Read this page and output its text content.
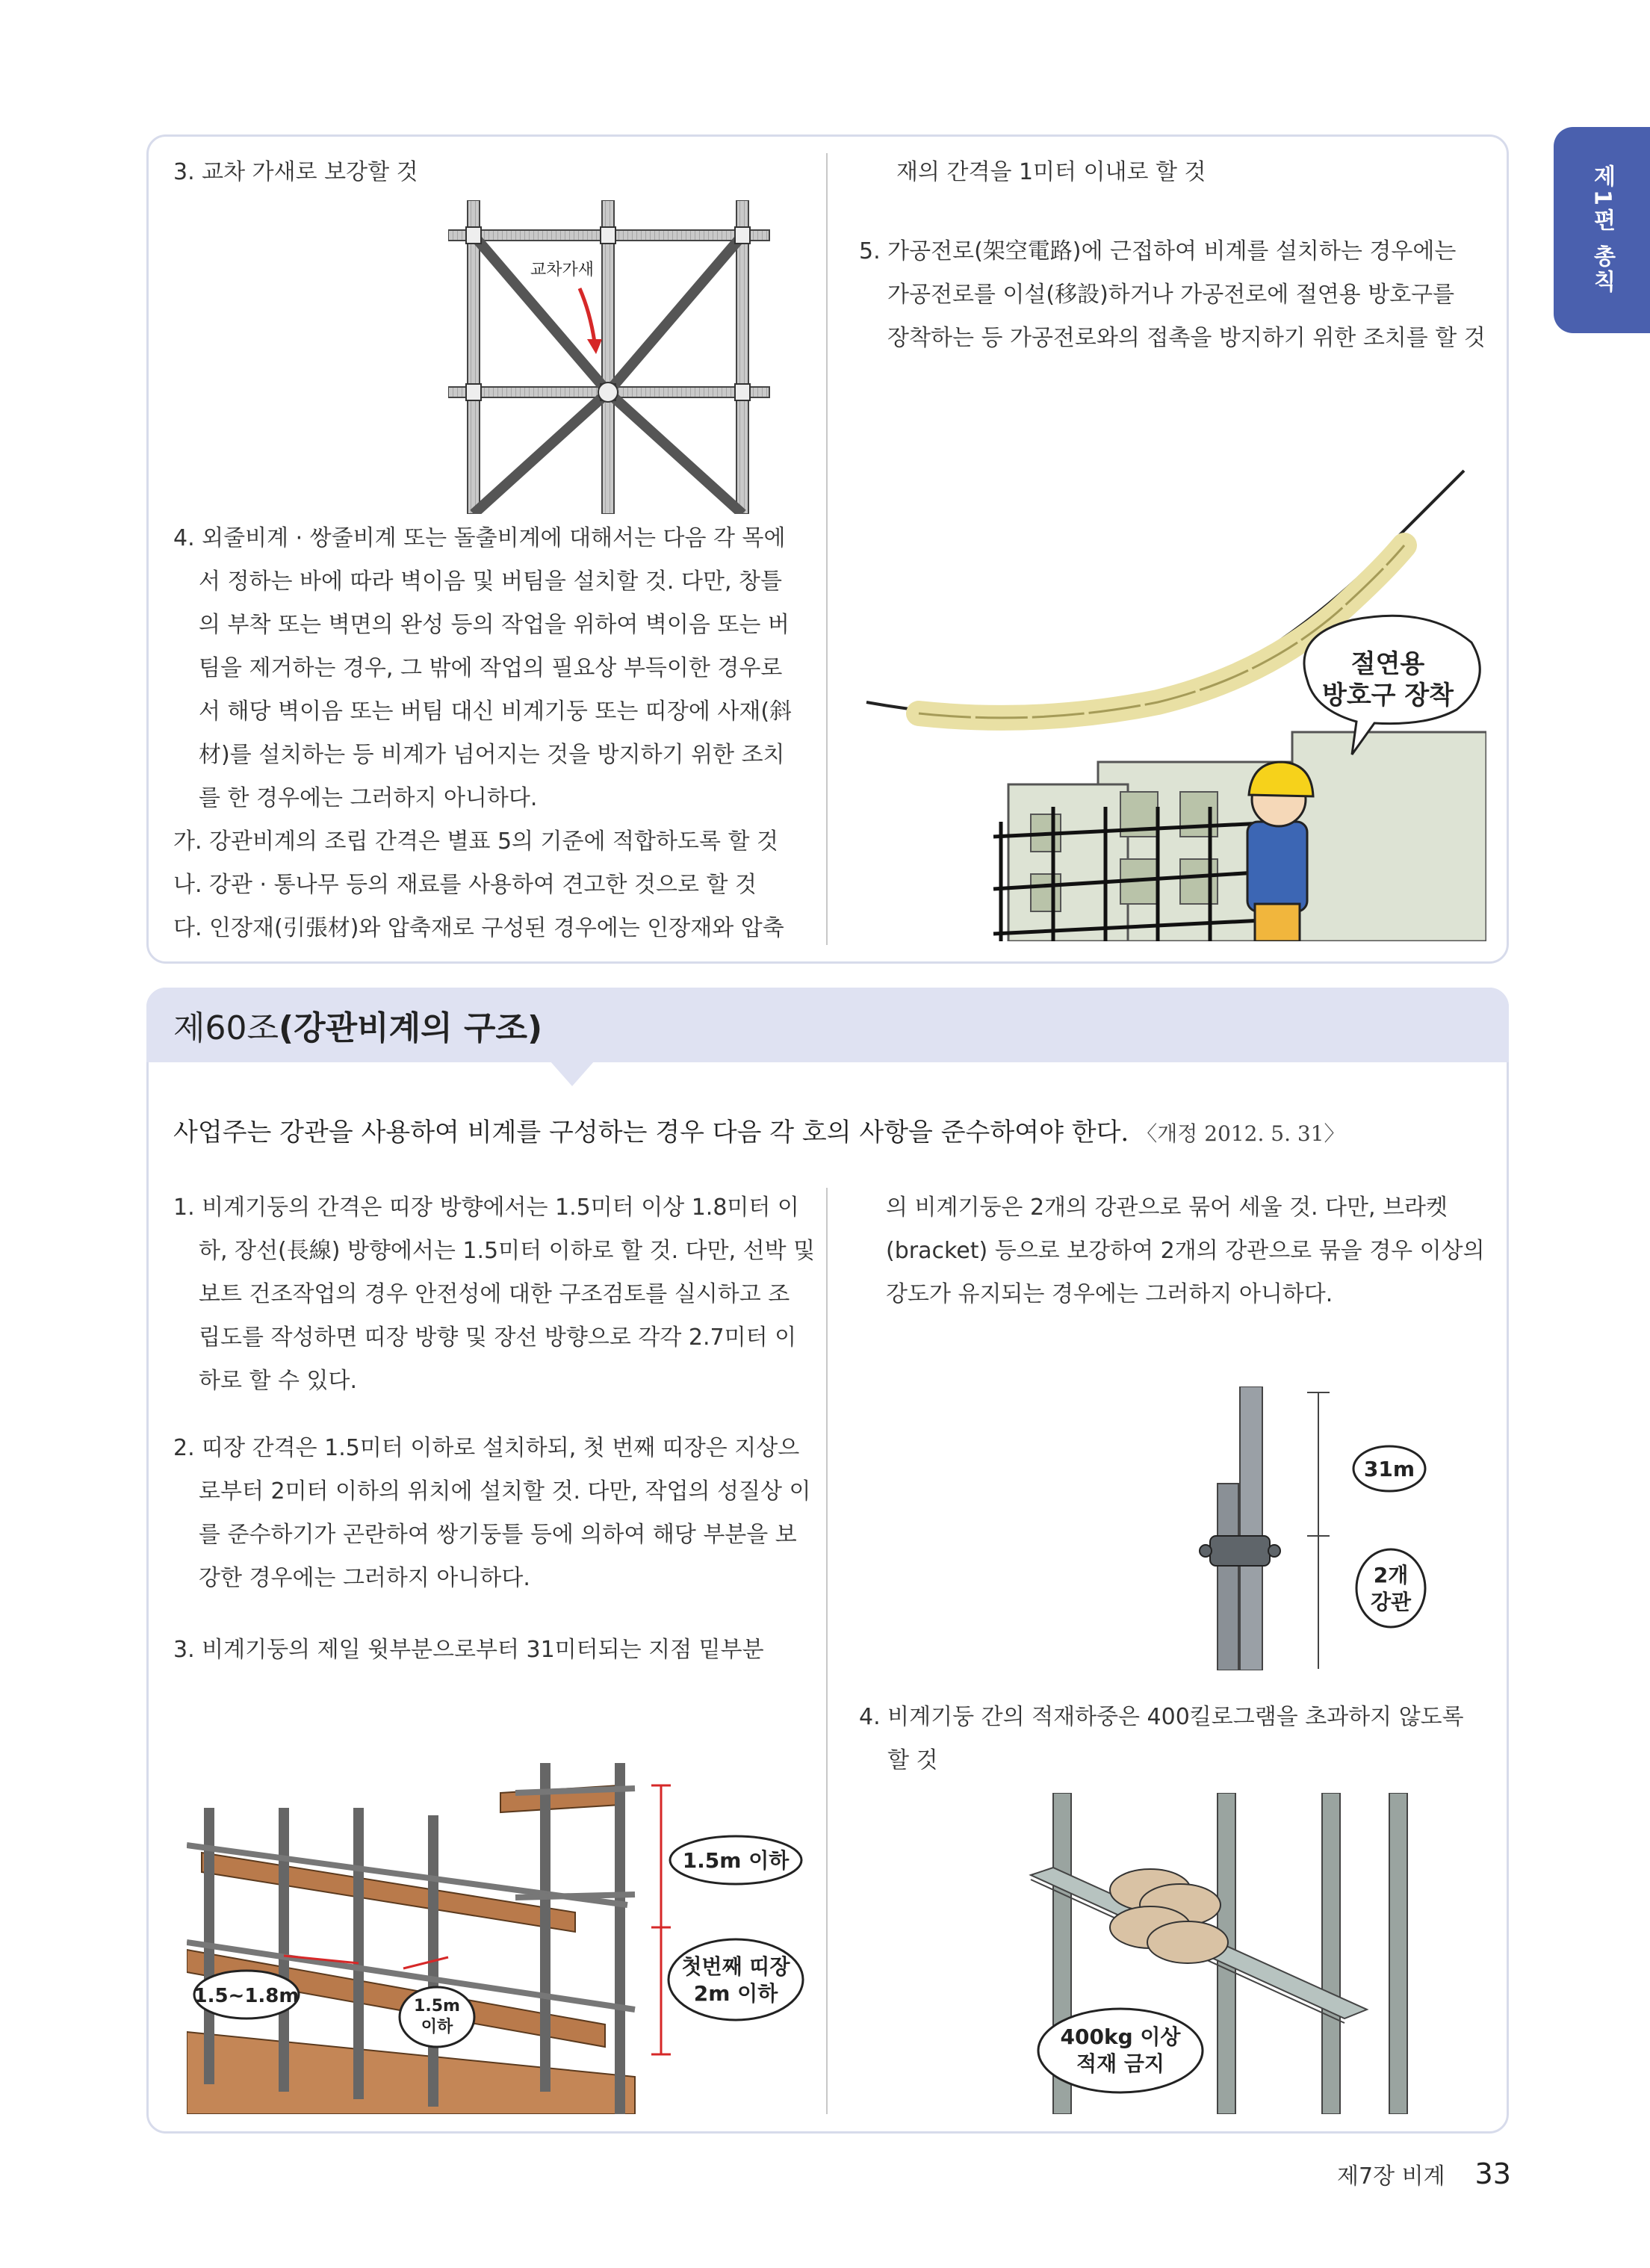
제1편 총칙

3. 교차 가새로 보강할 것

교차가새

4. 외줄비계 · 쌍줄비계 또는 돌출비계에 대해서는 다음 각 목에

서 정하는 바에 따라 벽이음 및 버팀을 설치할 것. 다만, 창틀

의 부착 또는 벽면의 완성 등의 작업을 위하여 벽이음 또는 버

팀을 제거하는 경우, 그 밖에 작업의 필요상 부득이한 경우로

서 해당 벽이음 또는 버팀 대신 비계기둥 또는 띠장에 사재(斜

材)를 설치하는 등 비계가 넘어지는 것을 방지하기 위한 조치

를 한 경우에는 그러하지 아니하다.

가. 강관비계의 조립 간격은 별표 5의 기준에 적합하도록 할 것

나. 강관 · 통나무 등의 재료를 사용하여 견고한 것으로 할 것

다. 인장재(引張材)와 압축재로 구성된 경우에는 인장재와 압축

재의 간격을 1미터 이내로 할 것

5. 가공전로(架空電路)에 근접하여 비계를 설치하는 경우에는

가공전로를 이설(移設)하거나 가공전로에 절연용 방호구를

장착하는 등 가공전로와의 접촉을 방지하기 위한 조치를 할 것

절연용
방호구 장착
제60조(강관비계의 구조)
사업주는 강관을 사용하여 비계를 구성하는 경우 다음 각 호의 사항을 준수하여야 한다. 〈개정 2012. 5. 31〉

1. 비계기둥의 간격은 띠장 방향에서는 1.5미터 이상 1.8미터 이

하, 장선(長線) 방향에서는 1.5미터 이하로 할 것. 다만, 선박 및

보트 건조작업의 경우 안전성에 대한 구조검토를 실시하고 조

립도를 작성하면 띠장 방향 및 장선 방향으로 각각 2.7미터 이

하로 할 수 있다.

2. 띠장 간격은 1.5미터 이하로 설치하되, 첫 번째 띠장은 지상으

로부터 2미터 이하의 위치에 설치할 것. 다만, 작업의 성질상 이

를 준수하기가 곤란하여 쌍기둥틀 등에 의하여 해당 부분을 보

강한 경우에는 그러하지 아니하다.

3. 비계기둥의 제일 윗부분으로부터 31미터되는 지점 밑부분

1.5~1.8m	1.5m
이하
1.5m 이하
첫번째 띠장
2m 이하

의 비계기둥은 2개의 강관으로 묶어 세울 것. 다만, 브라켓

(bracket) 등으로 보강하여 2개의 강관으로 묶을 경우 이상의

강도가 유지되는 경우에는 그러하지 아니하다.

31m
2개
강관

4. 비계기둥 간의 적재하중은 400킬로그램을 초과하지 않도록

할 것

400kg 이상
적재 금지
제7장 비계 33
